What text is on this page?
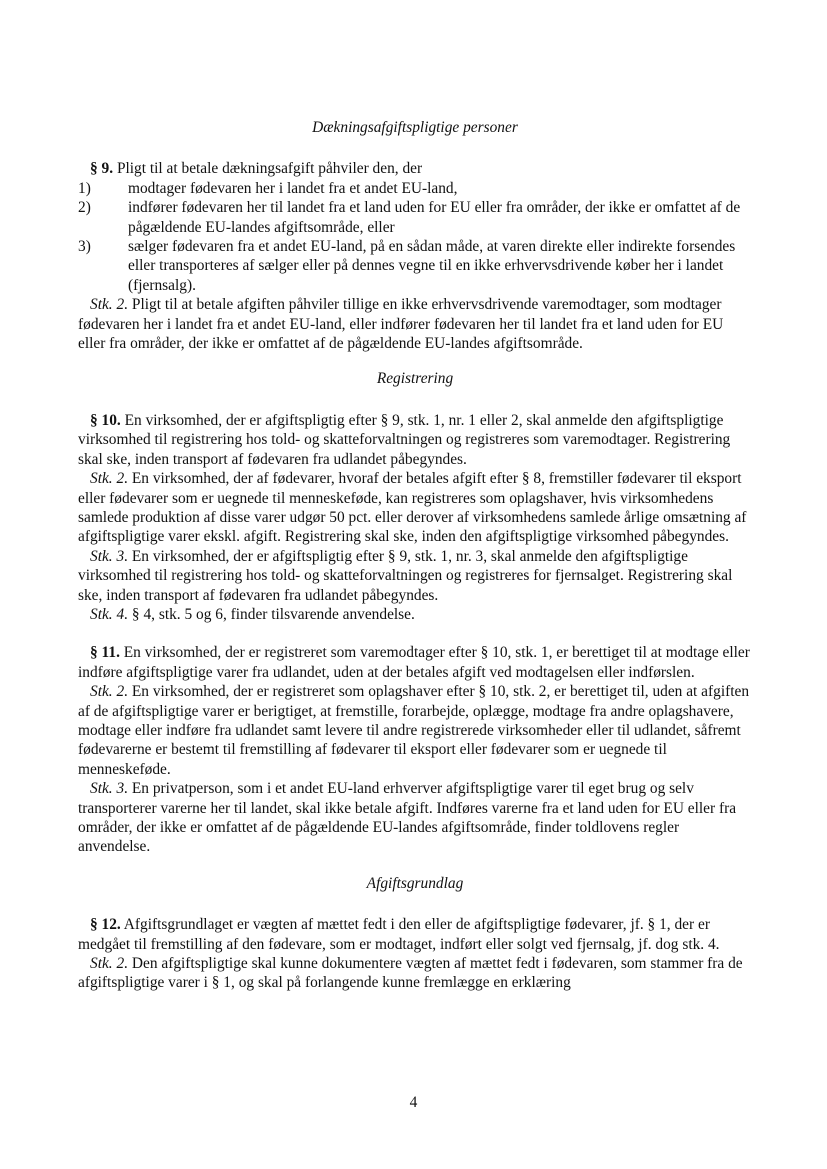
Dækningsafgiftspligtige personer

§ 9. Pligt til at betale dækningsafgift påhviler den, der

1) modtager fødevaren her i landet fra et andet EU-land,

2) indfører fødevaren her til landet fra et land uden for EU eller fra områder, der ikke er omfattet af de pågældende EU-landes afgiftsområde, eller

3) sælger fødevaren fra et andet EU-land, på en sådan måde, at varen direkte eller indirekte forsendes eller transporteres af sælger eller på dennes vegne til en ikke erhvervsdrivende køber her i landet (fjernsalg).

Stk. 2. Pligt til at betale afgiften påhviler tillige en ikke erhvervsdrivende varemodtager, som modtager fødevaren her i landet fra et andet EU-land, eller indfører fødevaren her til landet fra et land uden for EU eller fra områder, der ikke er omfattet af de pågældende EU-landes afgiftsområde.

Registrering

§ 10. En virksomhed, der er afgiftspligtig efter § 9, stk. 1, nr. 1 eller 2, skal anmelde den afgiftspligtige virksomhed til registrering hos told- og skatteforvaltningen og registreres som varemodtager. Registrering skal ske, inden transport af fødevaren fra udlandet påbegyndes.

Stk. 2. En virksomhed, der af fødevarer, hvoraf der betales afgift efter § 8, fremstiller fødevarer til eksport eller fødevarer som er uegnede til menneskeføde, kan registreres som oplagshaver, hvis virksomhedens samlede produktion af disse varer udgør 50 pct. eller derover af virksomhedens samlede årlige omsætning af afgiftspligtige varer ekskl. afgift. Registrering skal ske, inden den afgiftspligtige virksomhed påbegyndes.

Stk. 3. En virksomhed, der er afgiftspligtig efter § 9, stk. 1, nr. 3, skal anmelde den afgiftspligtige virksomhed til registrering hos told- og skatteforvaltningen og registreres for fjernsalget. Registrering skal ske, inden transport af fødevaren fra udlandet påbegyndes.

Stk. 4. § 4, stk. 5 og 6, finder tilsvarende anvendelse.

§ 11. En virksomhed, der er registreret som varemodtager efter § 10, stk. 1, er berettiget til at modtage eller indføre afgiftspligtige varer fra udlandet, uden at der betales afgift ved modtagelsen eller indførslen.

Stk. 2. En virksomhed, der er registreret som oplagshaver efter § 10, stk. 2, er berettiget til, uden at afgiften af de afgiftspligtige varer er berigtiget, at fremstille, forarbejde, oplægge, modtage fra andre oplagshavere, modtage eller indføre fra udlandet samt levere til andre registrerede virksomheder eller til udlandet, såfremt fødevarerne er bestemt til fremstilling af fødevarer til eksport eller fødevarer som er uegnede til menneskeføde.

Stk. 3. En privatperson, som i et andet EU-land erhverver afgiftspligtige varer til eget brug og selv transporterer varerne her til landet, skal ikke betale afgift. Indføres varerne fra et land uden for EU eller fra områder, der ikke er omfattet af de pågældende EU-landes afgiftsområde, finder toldlovens regler anvendelse.

Afgiftsgrundlag

§ 12. Afgiftsgrundlaget er vægten af mættet fedt i den eller de afgiftspligtige fødevarer, jf. § 1, der er medgået til fremstilling af den fødevare, som er modtaget, indført eller solgt ved fjernsalg, jf. dog stk. 4.

Stk. 2. Den afgiftspligtige skal kunne dokumentere vægten af mættet fedt i fødevaren, som stammer fra de afgiftspligtige varer i § 1, og skal på forlangende kunne fremlægge en erklæring

4
